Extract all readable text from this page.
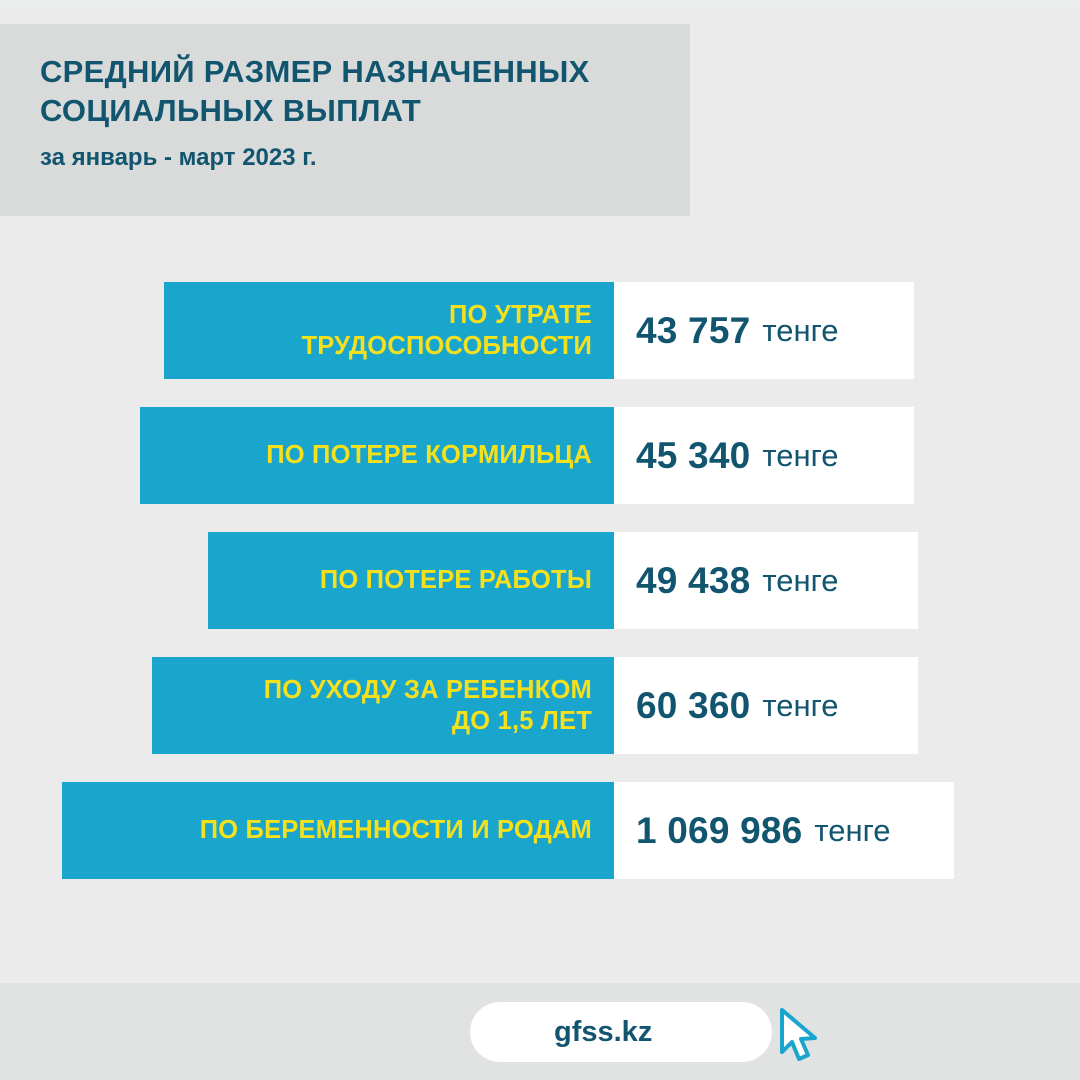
СРЕДНИЙ РАЗМЕР НАЗНАЧЕННЫХ
СОЦИАЛЬНЫХ ВЫПЛАТ
за январь - март 2023 г.
ПО УТРАТЕ
ТРУДОСПОСОБНОСТИ 43 757 тенге
ПО ПОТЕРЕ КОРМИЛЬЦА 45 340 тенге
ПО ПОТЕРЕ РАБОТЫ 49 438 тенге
ПО УХОДУ ЗА РЕБЕНКОМ
ДО 1,5 ЛЕТ 60 360 тенге
ПО БЕРЕМЕННОСТИ И РОДАМ 1 069 986 тенге
gfss.kz
